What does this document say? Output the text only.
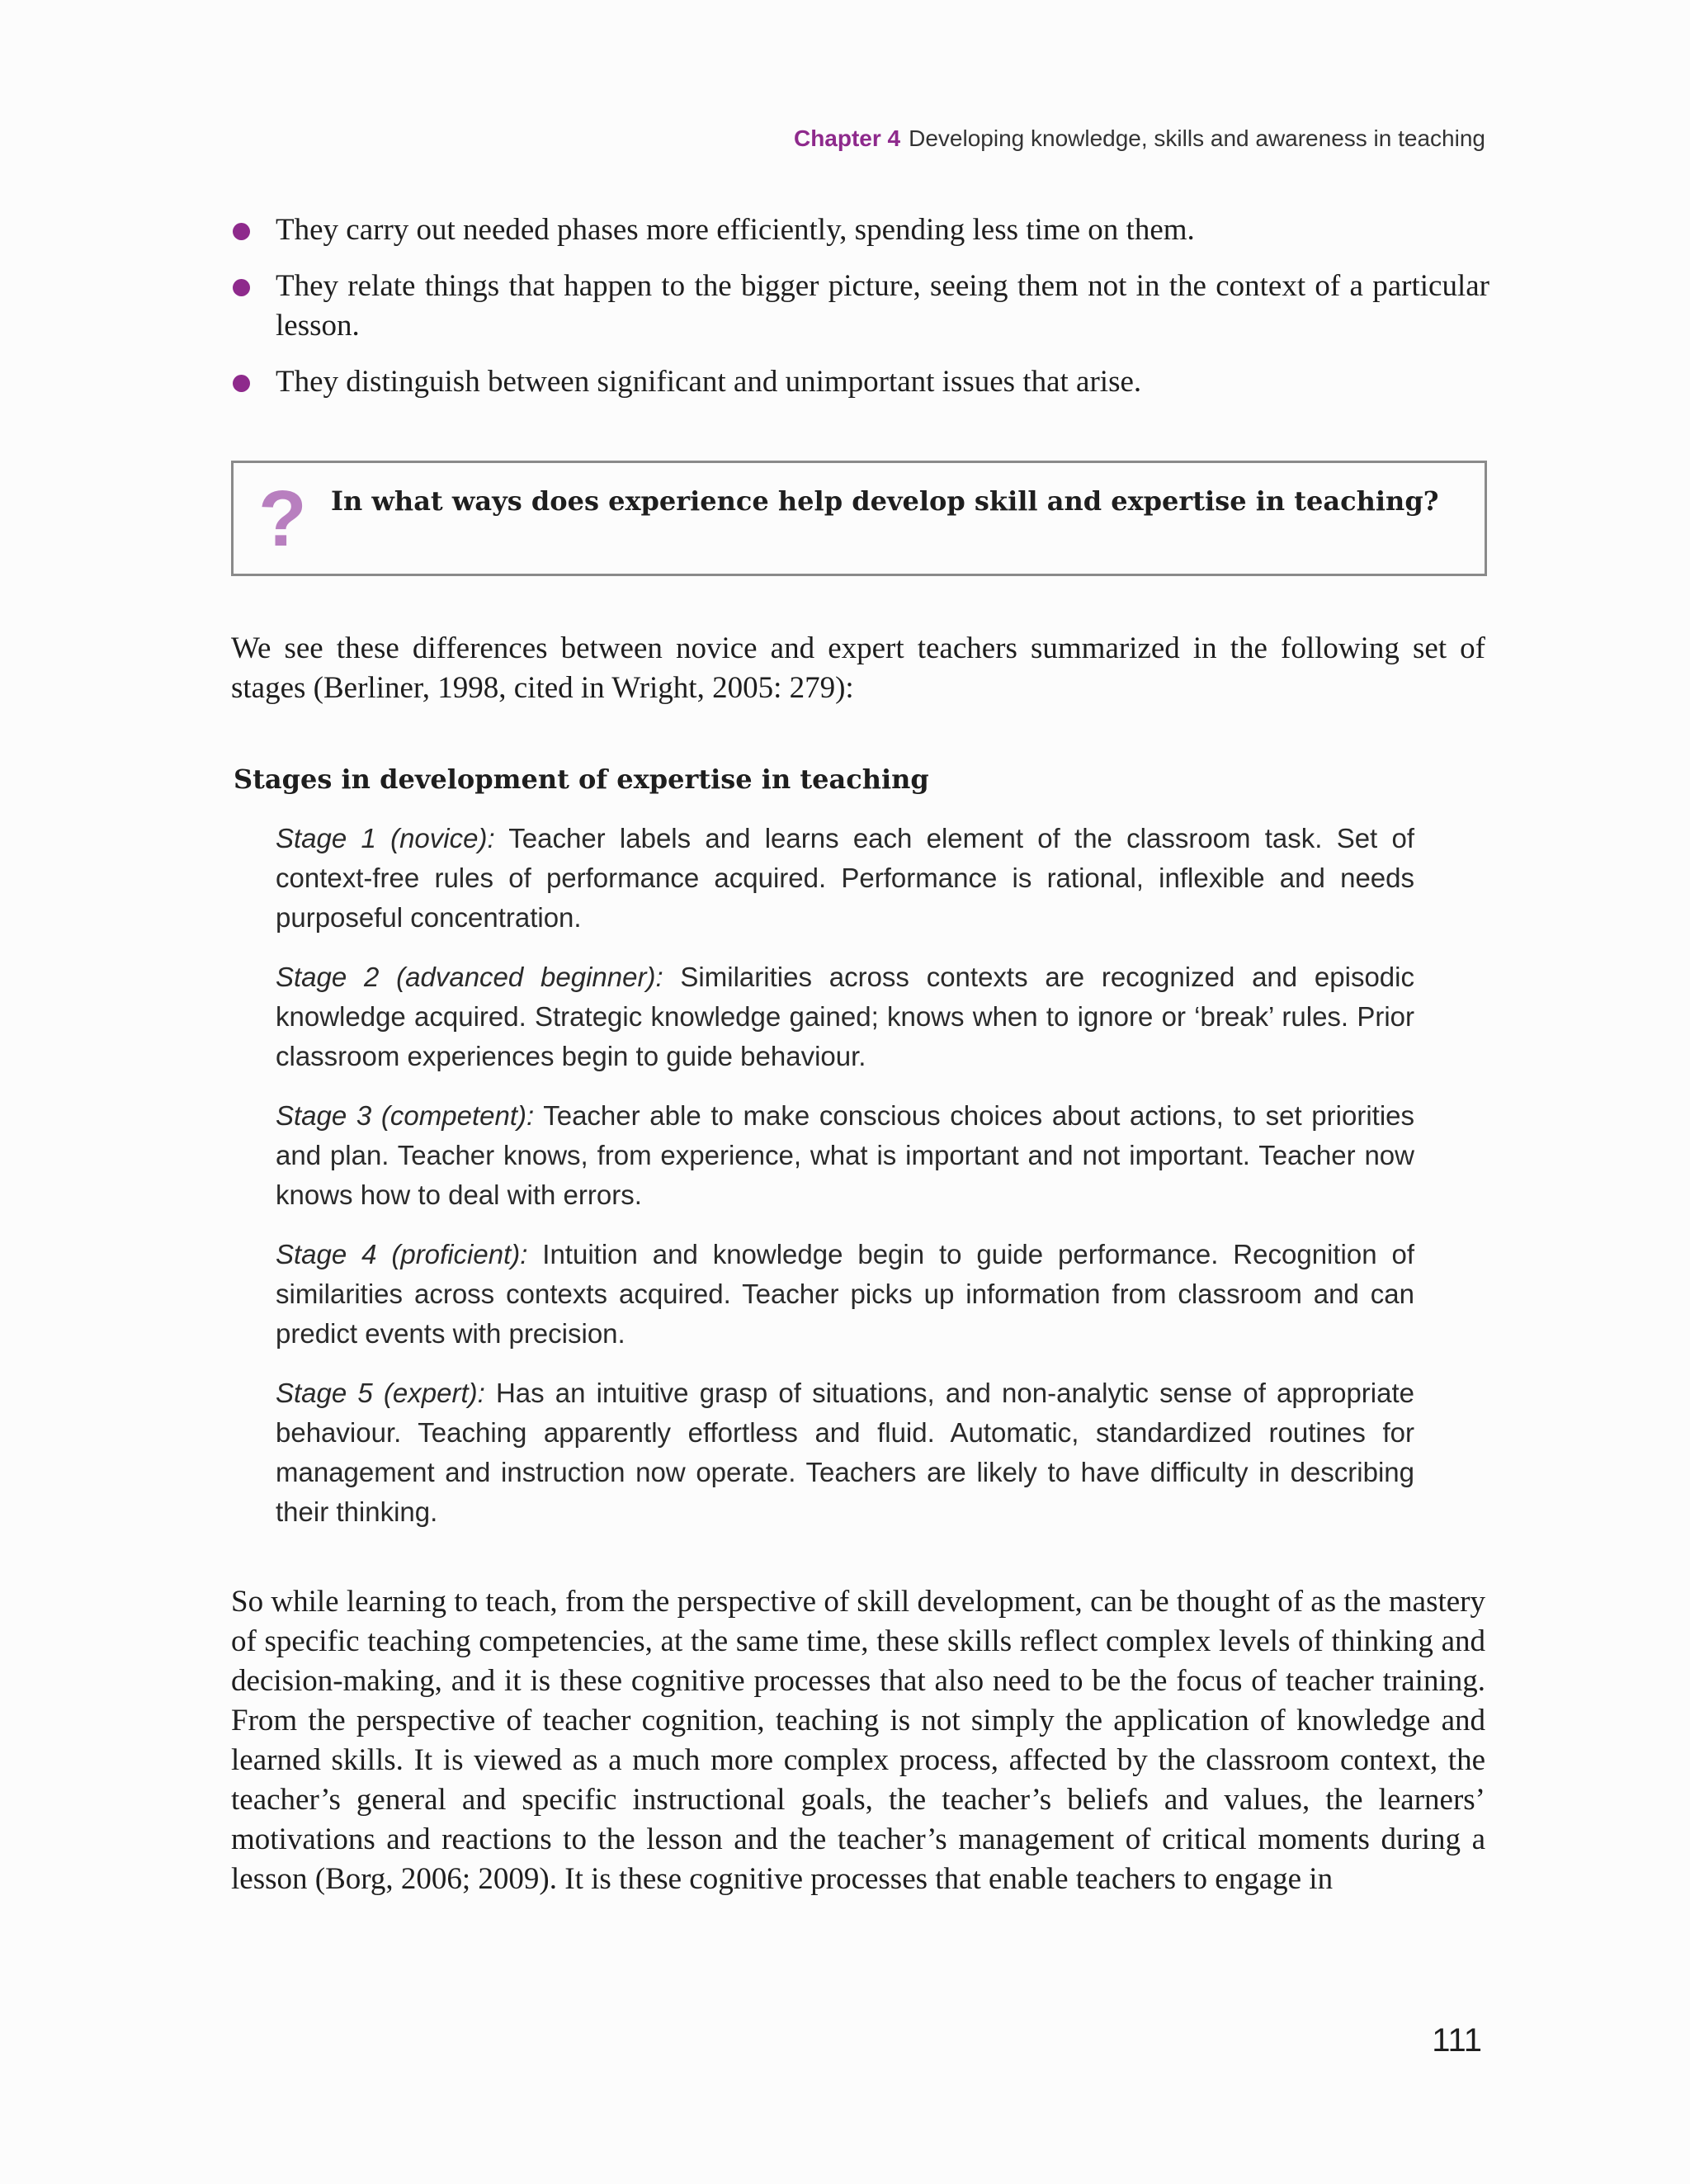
Chapter 4 Developing knowledge, skills and awareness in teaching
They carry out needed phases more efficiently, spending less time on them.
They relate things that happen to the bigger picture, seeing them not in the context of a particular lesson.
They distinguish between significant and unimportant issues that arise.
? In what ways does experience help develop skill and expertise in teaching?

We see these differences between novice and expert teachers summarized in the following set of stages (Berliner, 1998, cited in Wright, 2005: 279):

Stages in development of expertise in teaching
Stage 1 (novice): Teacher labels and learns each element of the classroom task. Set of context-free rules of performance acquired. Performance is rational, inflexible and needs purposeful concentration.
Stage 2 (advanced beginner): Similarities across contexts are recognized and episodic knowledge acquired. Strategic knowledge gained; knows when to ignore or ‘break’ rules. Prior classroom experiences begin to guide behaviour.
Stage 3 (competent): Teacher able to make conscious choices about actions, to set priorities and plan. Teacher knows, from experience, what is important and not important. Teacher now knows how to deal with errors.
Stage 4 (proficient): Intuition and knowledge begin to guide performance. Recognition of similarities across contexts acquired. Teacher picks up information from classroom and can predict events with precision.
Stage 5 (expert): Has an intuitive grasp of situations, and non-analytic sense of appropriate behaviour. Teaching apparently effortless and fluid. Automatic, standardized routines for management and instruction now operate. Teachers are likely to have difficulty in describing their thinking.

So while learning to teach, from the perspective of skill development, can be thought of as the mastery of specific teaching competencies, at the same time, these skills reflect complex levels of thinking and decision-making, and it is these cognitive processes that also need to be the focus of teacher training. From the perspective of teacher cognition, teaching is not simply the application of knowledge and learned skills. It is viewed as a much more complex process, affected by the classroom context, the teacher’s general and specific instructional goals, the teacher’s beliefs and values, the learners’ motivations and reactions to the lesson and the teacher’s management of critical moments during a lesson (Borg, 2006; 2009). It is these cognitive processes that enable teachers to engage in

111
